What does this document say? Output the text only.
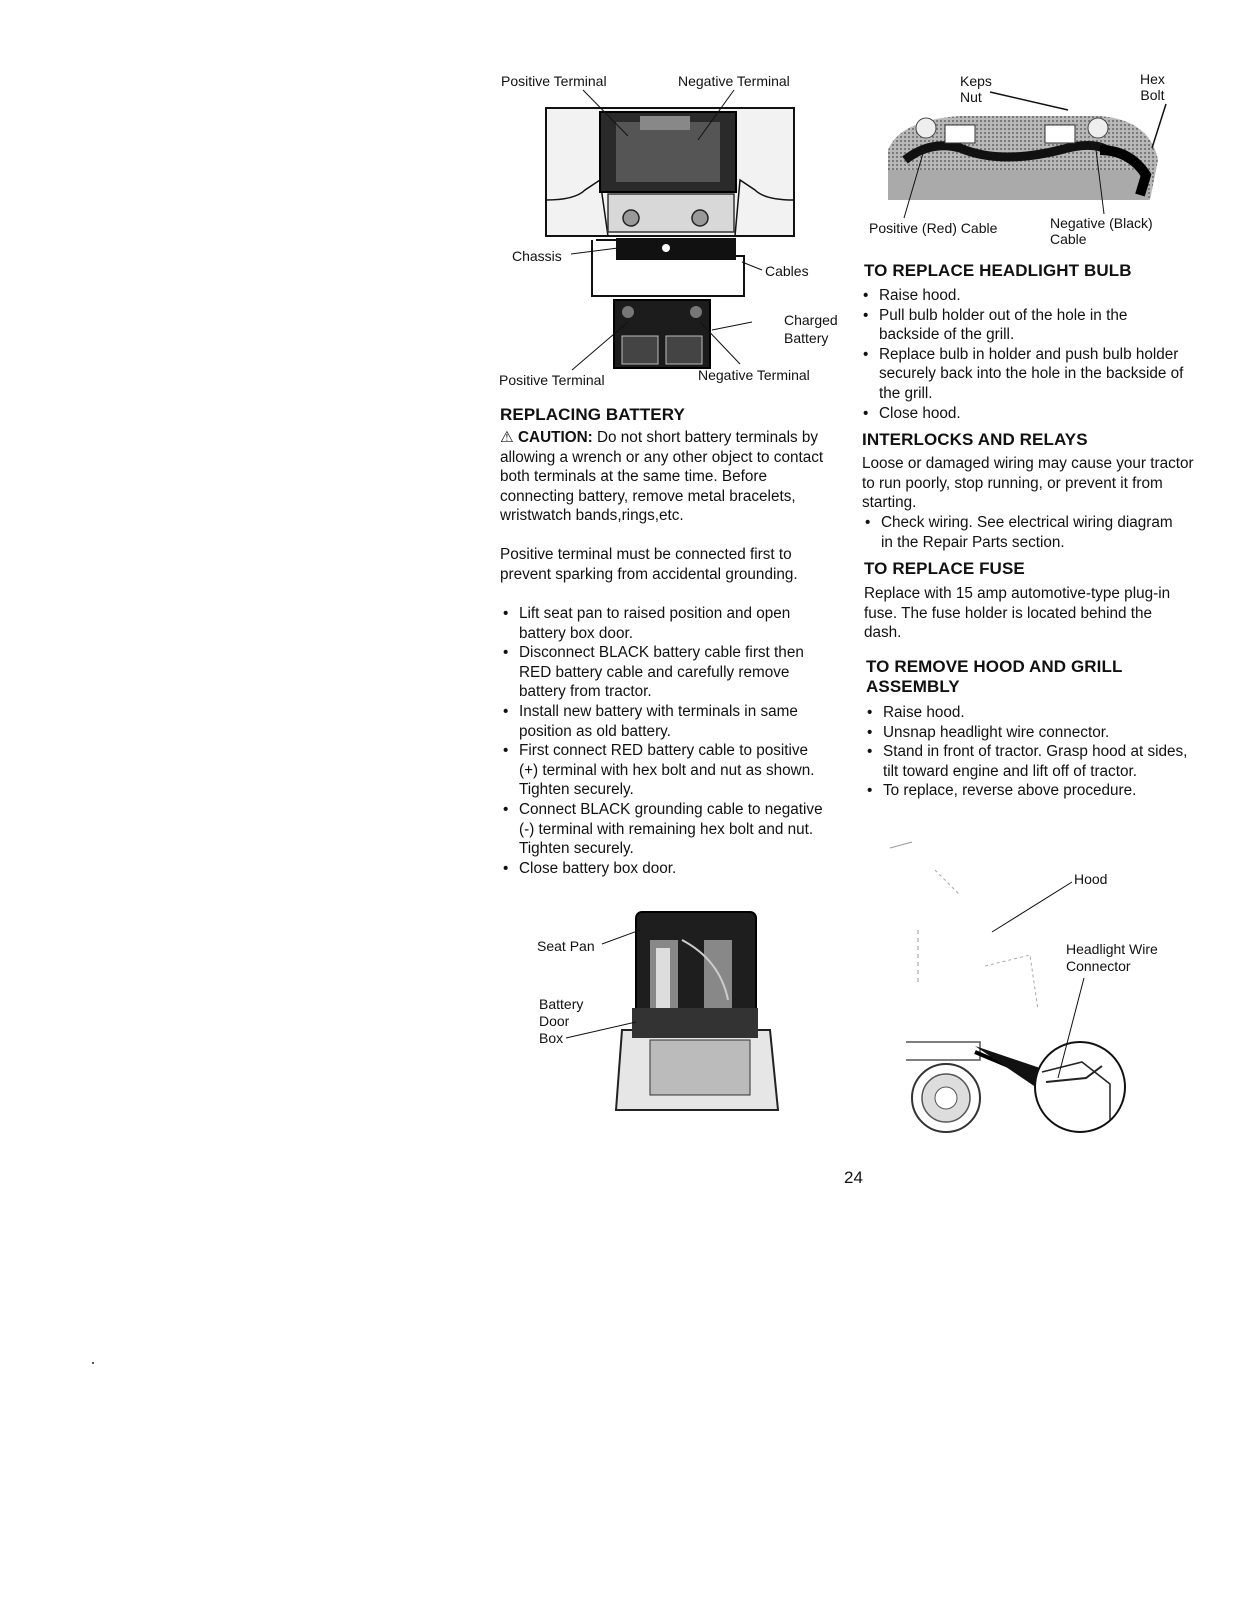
Positive Terminal	Negative Terminal
Chassis
Cables
Charged
Battery
Positive Terminal	Negative Terminal
Keps
Nut
Hex
Bolt
Positive (Red) Cable	Negative (Black)
Cable
REPLACING BATTERY

⚠ CAUTION: Do not short battery terminals by allowing a wrench or any other object to contact both terminals at the same time. Before connecting battery, remove metal bracelets, wristwatch bands,rings,etc.

Positive terminal must be connected first to prevent sparking from accidental grounding.

• Lift seat pan to raised position and open battery box door.
• Disconnect BLACK battery cable first then RED battery cable and carefully remove battery from tractor.
• Install new battery with terminals in same position as old battery.
• First connect RED battery cable to positive (+) terminal with hex bolt and nut as shown. Tighten securely.
• Connect BLACK grounding cable to negative (-) terminal with remaining hex bolt and nut. Tighten securely.
• Close battery box door.
Seat Pan
Battery
Door
Box
TO REPLACE HEADLIGHT BULB
• Raise hood.
• Pull bulb holder out of the hole in the backside of the grill.
• Replace bulb in holder and push bulb holder securely back into the hole in the backside of the grill.
• Close hood.
INTERLOCKS AND RELAYS

Loose or damaged wiring may cause your tractor to run poorly, stop running, or prevent it from starting.

• Check wiring. See electrical wiring diagram in the Repair Parts section.
TO REPLACE FUSE

Replace with 15 amp automotive-type plug-in fuse. The fuse holder is located behind the dash.

TO REMOVE HOOD AND GRILL ASSEMBLY
• Raise hood.
• Unsnap headlight wire connector.
• Stand in front of tractor. Grasp hood at sides, tilt toward engine and lift off of tractor.
• To replace, reverse above procedure.
Hood
Headlight Wire
Connector
24
